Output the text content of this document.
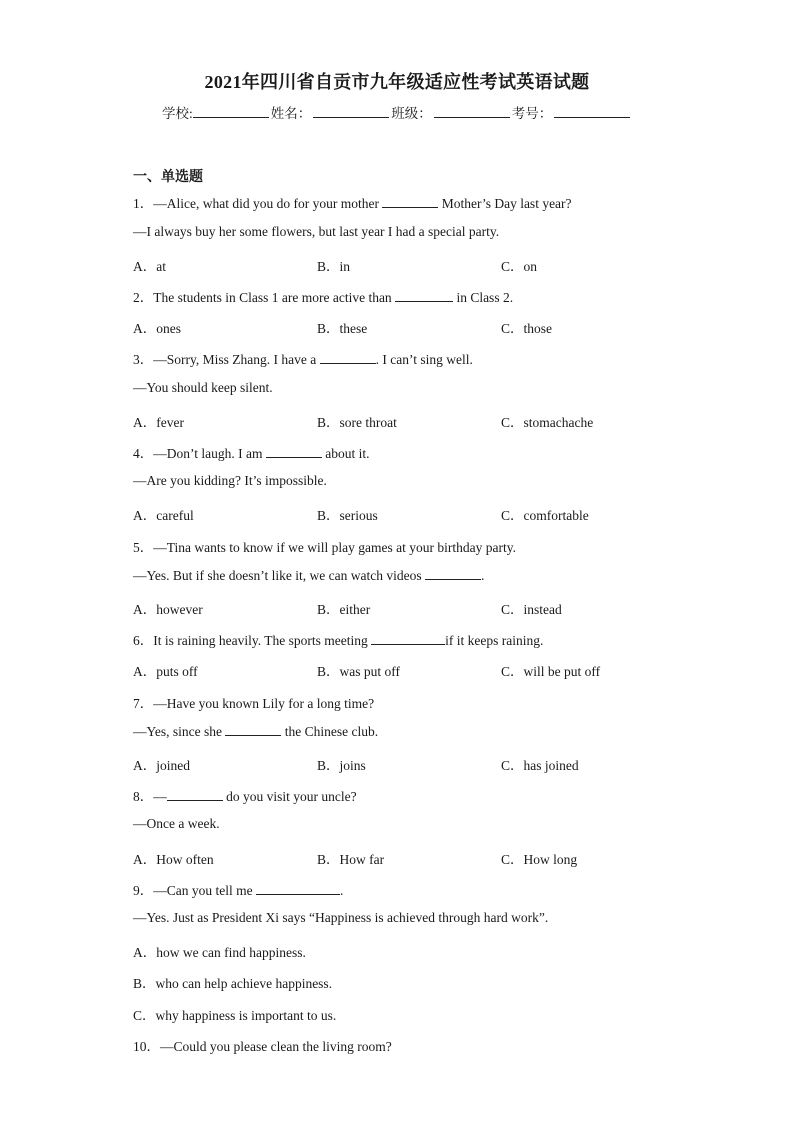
2021年四川省自贡市九年级适应性考试英语试题
学校:	姓名：	班级：	考号：
一、单选题
1．—Alice, what did you do for your mother	Mother’s Day last year?
—I always buy her some flowers, but last year I had a special party.
A．at	B．in	C．on
2．The students in Class 1 are more active than	in Class 2.
A．ones	B．these	C．those
3．—Sorry, Miss Zhang. I have a	. I can’t sing well.
—You should keep silent.
A．fever	B．sore throat	C．stomachache
4．—Don’t laugh. I am	about it.
—Are you kidding? It’s impossible.
A．careful	B．serious	C．comfortable
5．—Tina wants to know if we will play games at your birthday party.
—Yes. But if she doesn’t like it, we can watch videos	.
A．however	B．either	C．instead
6．It is raining heavily. The sports meeting	if it keeps raining.
A．puts off	B．was put off	C．will be put off
7．—Have you known Lily for a long time?
—Yes, since she	the Chinese club.
A．joined	B．joins	C．has joined
8．—	do you visit your uncle?
—Once a week.
A．How often	B．How far	C．How long
9．—Can you tell me	.
—Yes. Just as President Xi says “Happiness is achieved through hard work”.
A．how we can find happiness.
B．who can help achieve happiness.
C．why happiness is important to us.
10．—Could you please clean the living room?
